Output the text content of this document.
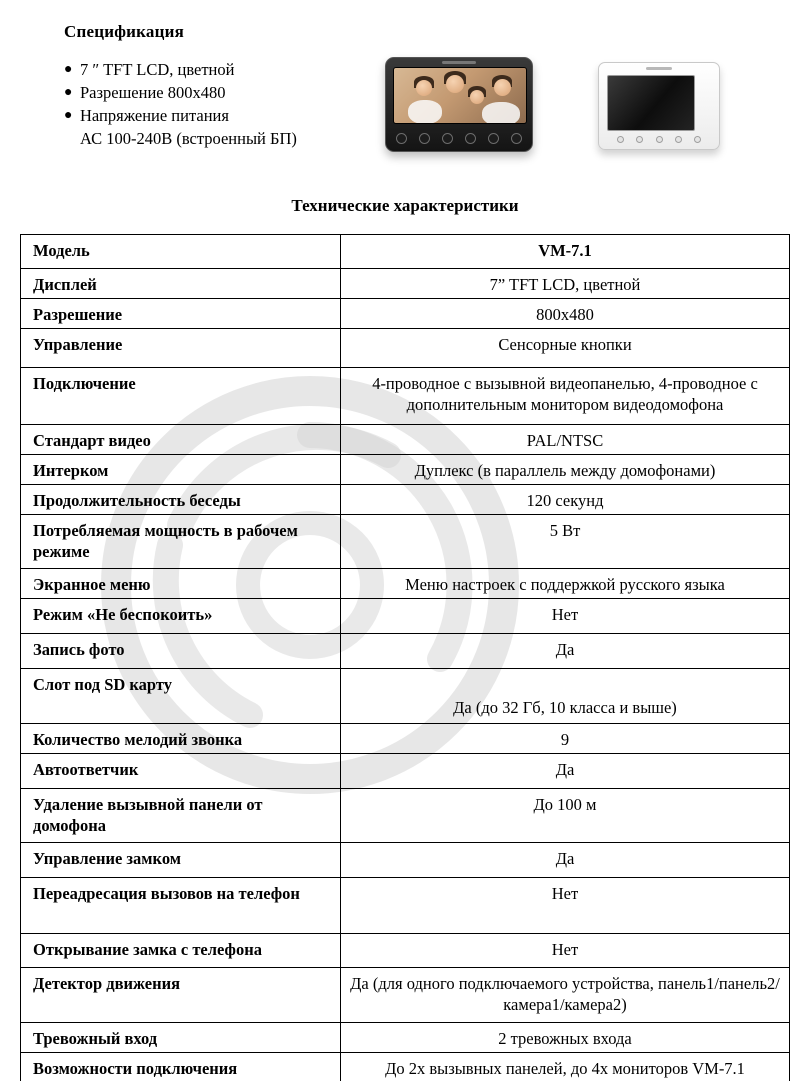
Спецификация
● 7 ″ TFT LCD, цветной
● Разрешение 800x480
● Напряжение питания
АС 100-240В (встроенный БП)
Технические характеристики
Модель	VM-7.1
Дисплей	7” TFT LCD, цветной
Разрешение	800x480
Управление	Сенсорные кнопки
Подключение	4-проводное с вызывной видеопанелью, 4-проводное с дополнительным монитором видеодомофона
Стандарт видео	PAL/NTSC
Интерком	Дуплекс (в параллель между домофонами)
Продолжительность беседы	120 секунд
Потребляемая мощность в рабочем режиме	5 Вт
Экранное меню	Меню настроек с поддержкой русского языка
Режим «Не беспокоить»	Нет
Запись фото	Да
Слот под SD карту	Да (до 32 Гб, 10 класса и выше)
Количество мелодий звонка	9
Автоответчик	Да
Удаление вызывной панели от домофона	До 100 м
Управление замком	Да
Переадресация вызовов на телефон	Нет
Открывание замка с телефона	Нет
Детектор движения	Да (для одного подключаемого устройства, панель1/панель2/камера1/камера2)
Тревожный вход	2 тревожных входа
Возможности подключения	До 2х вызывных панелей, до 4х мониторов VM-7.1
